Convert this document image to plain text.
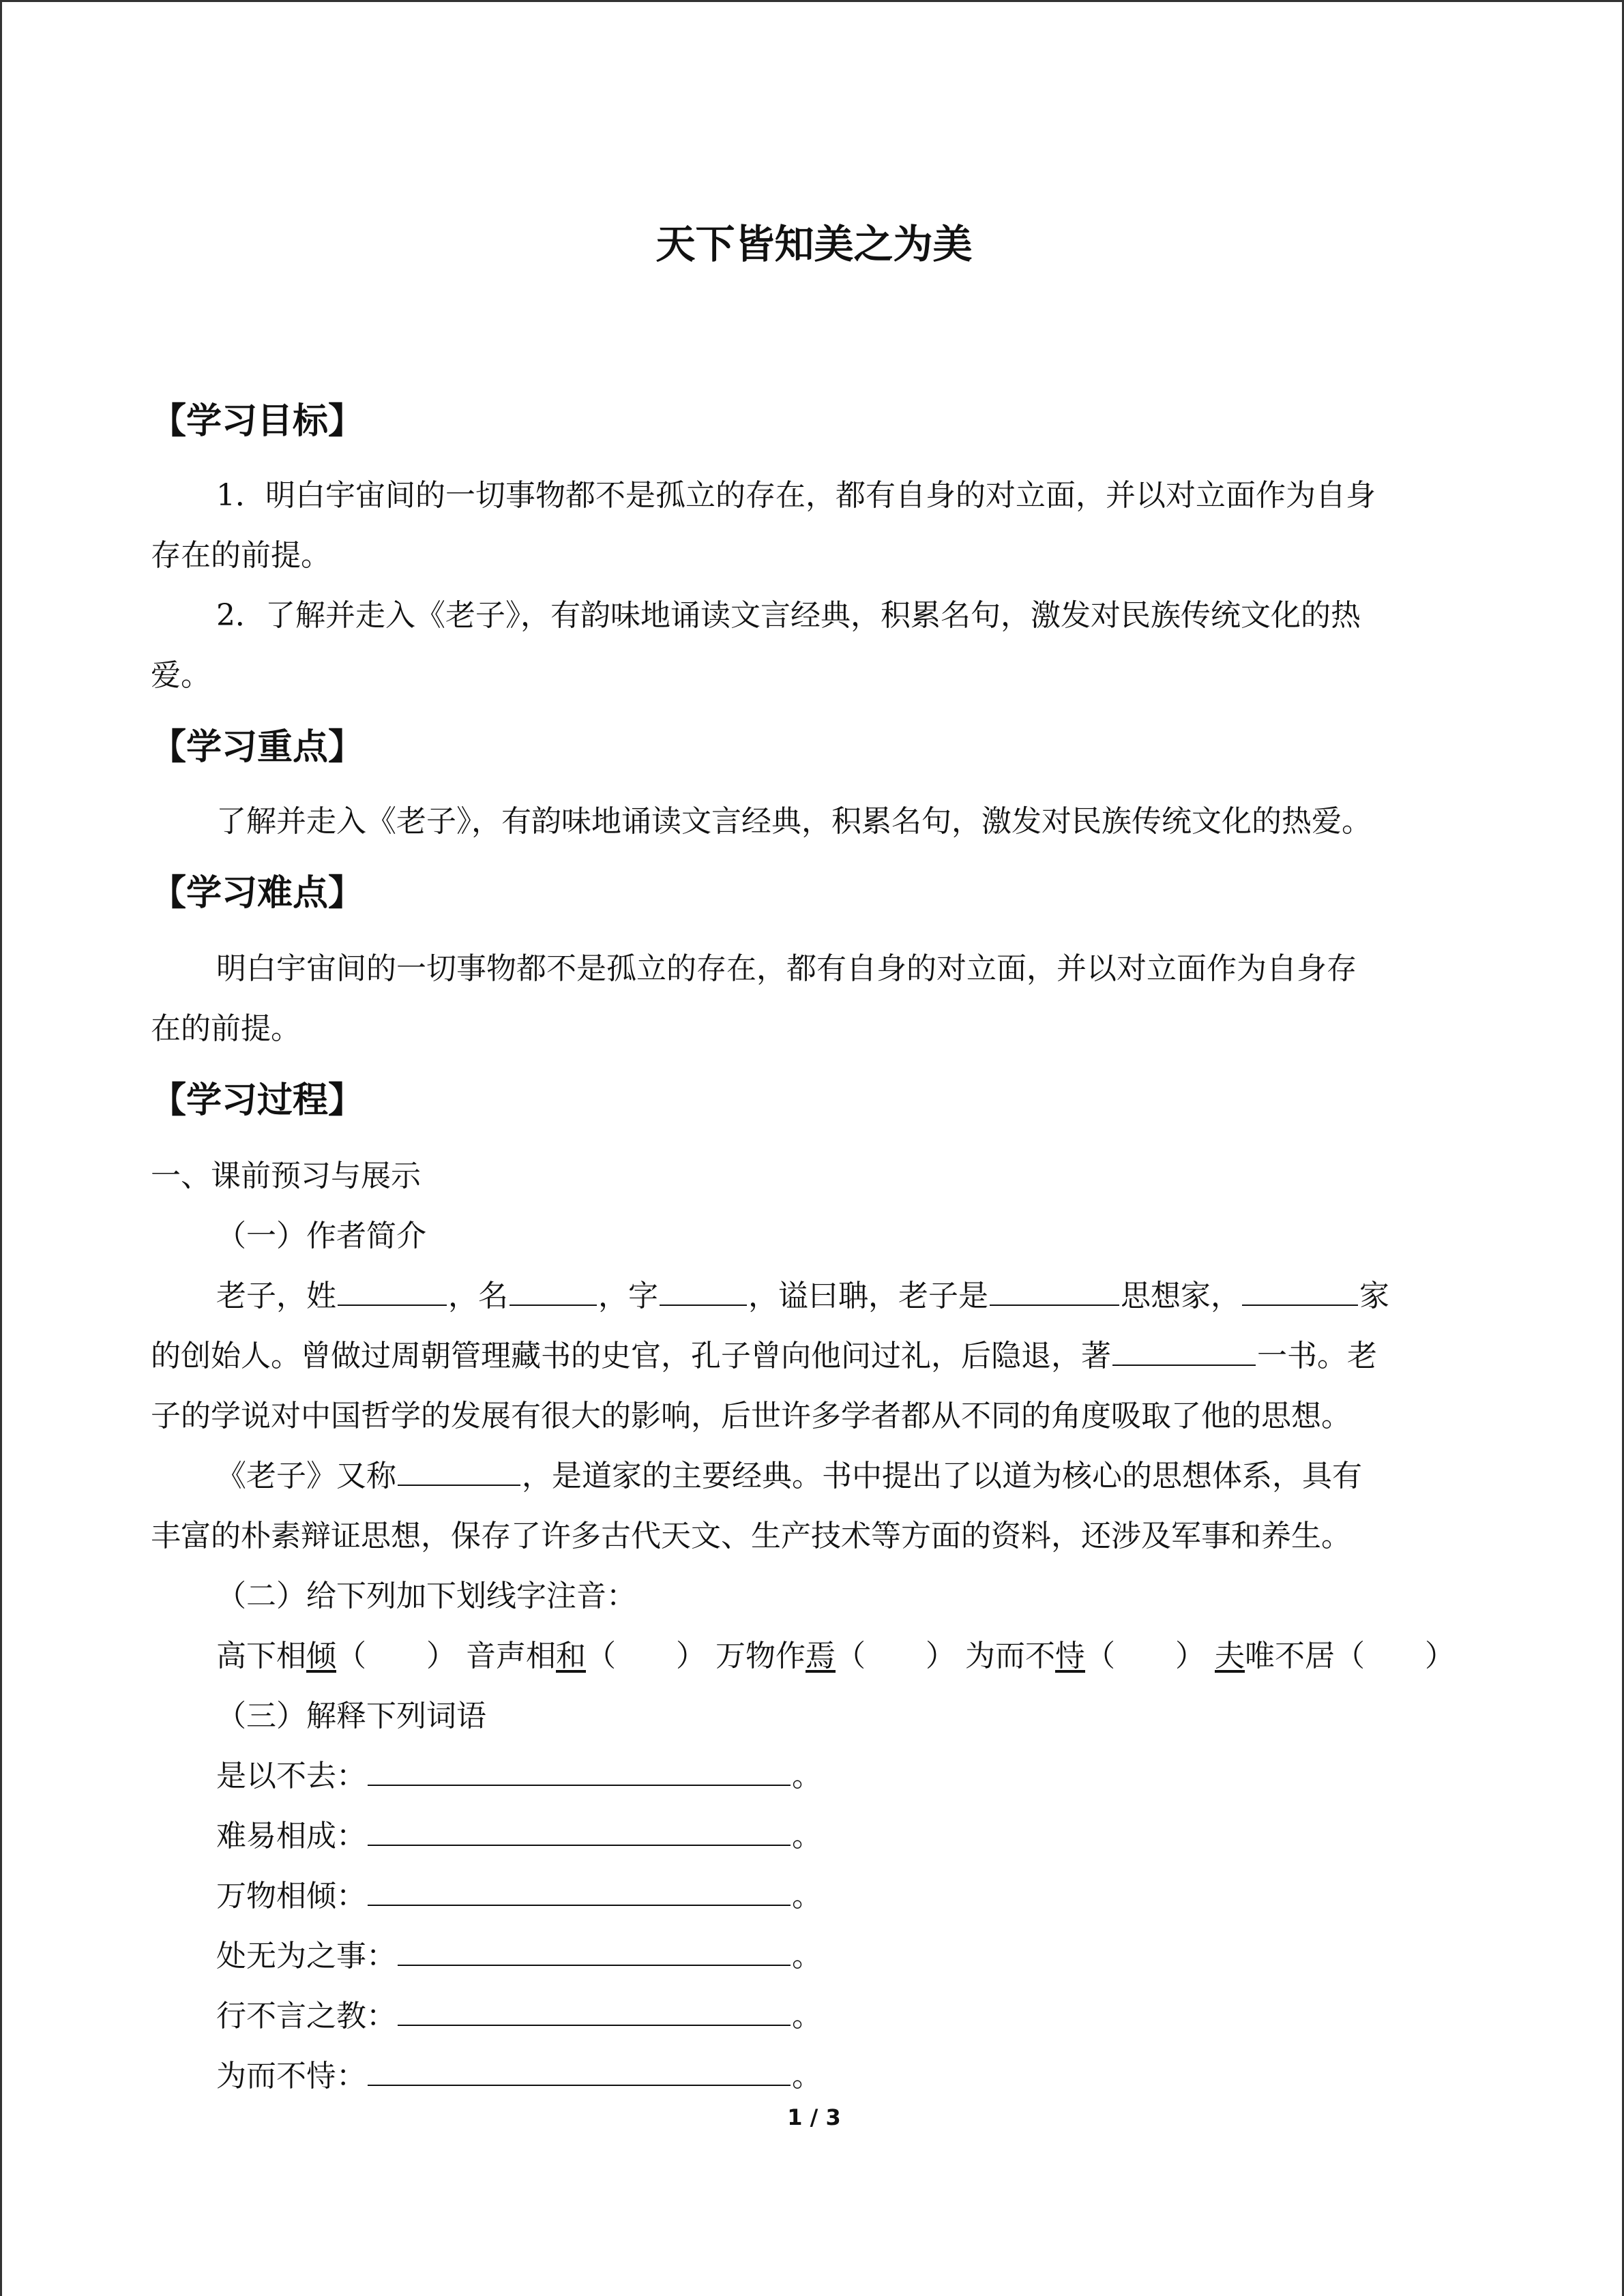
天下皆知美之为美
【学习目标】
1．明白宇宙间的一切事物都不是孤立的存在，都有自身的对立面，并以对立面作为自身
存在的前提。
2．了解并走入《老子》，有韵味地诵读文言经典，积累名句，激发对民族传统文化的热
爱。
【学习重点】
了解并走入《老子》，有韵味地诵读文言经典，积累名句，激发对民族传统文化的热爱。
【学习难点】
明白宇宙间的一切事物都不是孤立的存在，都有自身的对立面，并以对立面作为自身存
在的前提。
【学习过程】
一、课前预习与展示
（一）作者简介
老子，姓	，名	，字	，谥曰聃，老子是	思想家，	家
的创始人。曾做过周朝管理藏书的史官，孔子曾向他问过礼，后隐退，著	一书。老
子的学说对中国哲学的发展有很大的影响，后世许多学者都从不同的角度吸取了他的思想。
《老子》又称	，是道家的主要经典。书中提出了以道为核心的思想体系，具有
丰富的朴素辩证思想，保存了许多古代天文、生产技术等方面的资料，还涉及军事和养生。
（二）给下列加下划线字注音：
高下相倾（　　） 音声相和（　　） 万物作焉（　　） 为而不恃（　　） 夫唯不居（　　）
（三）解释下列词语
是以不去：	。
难易相成：	。
万物相倾：	。
处无为之事：	。
行不言之教：	。
为而不恃：	。
1 / 3
